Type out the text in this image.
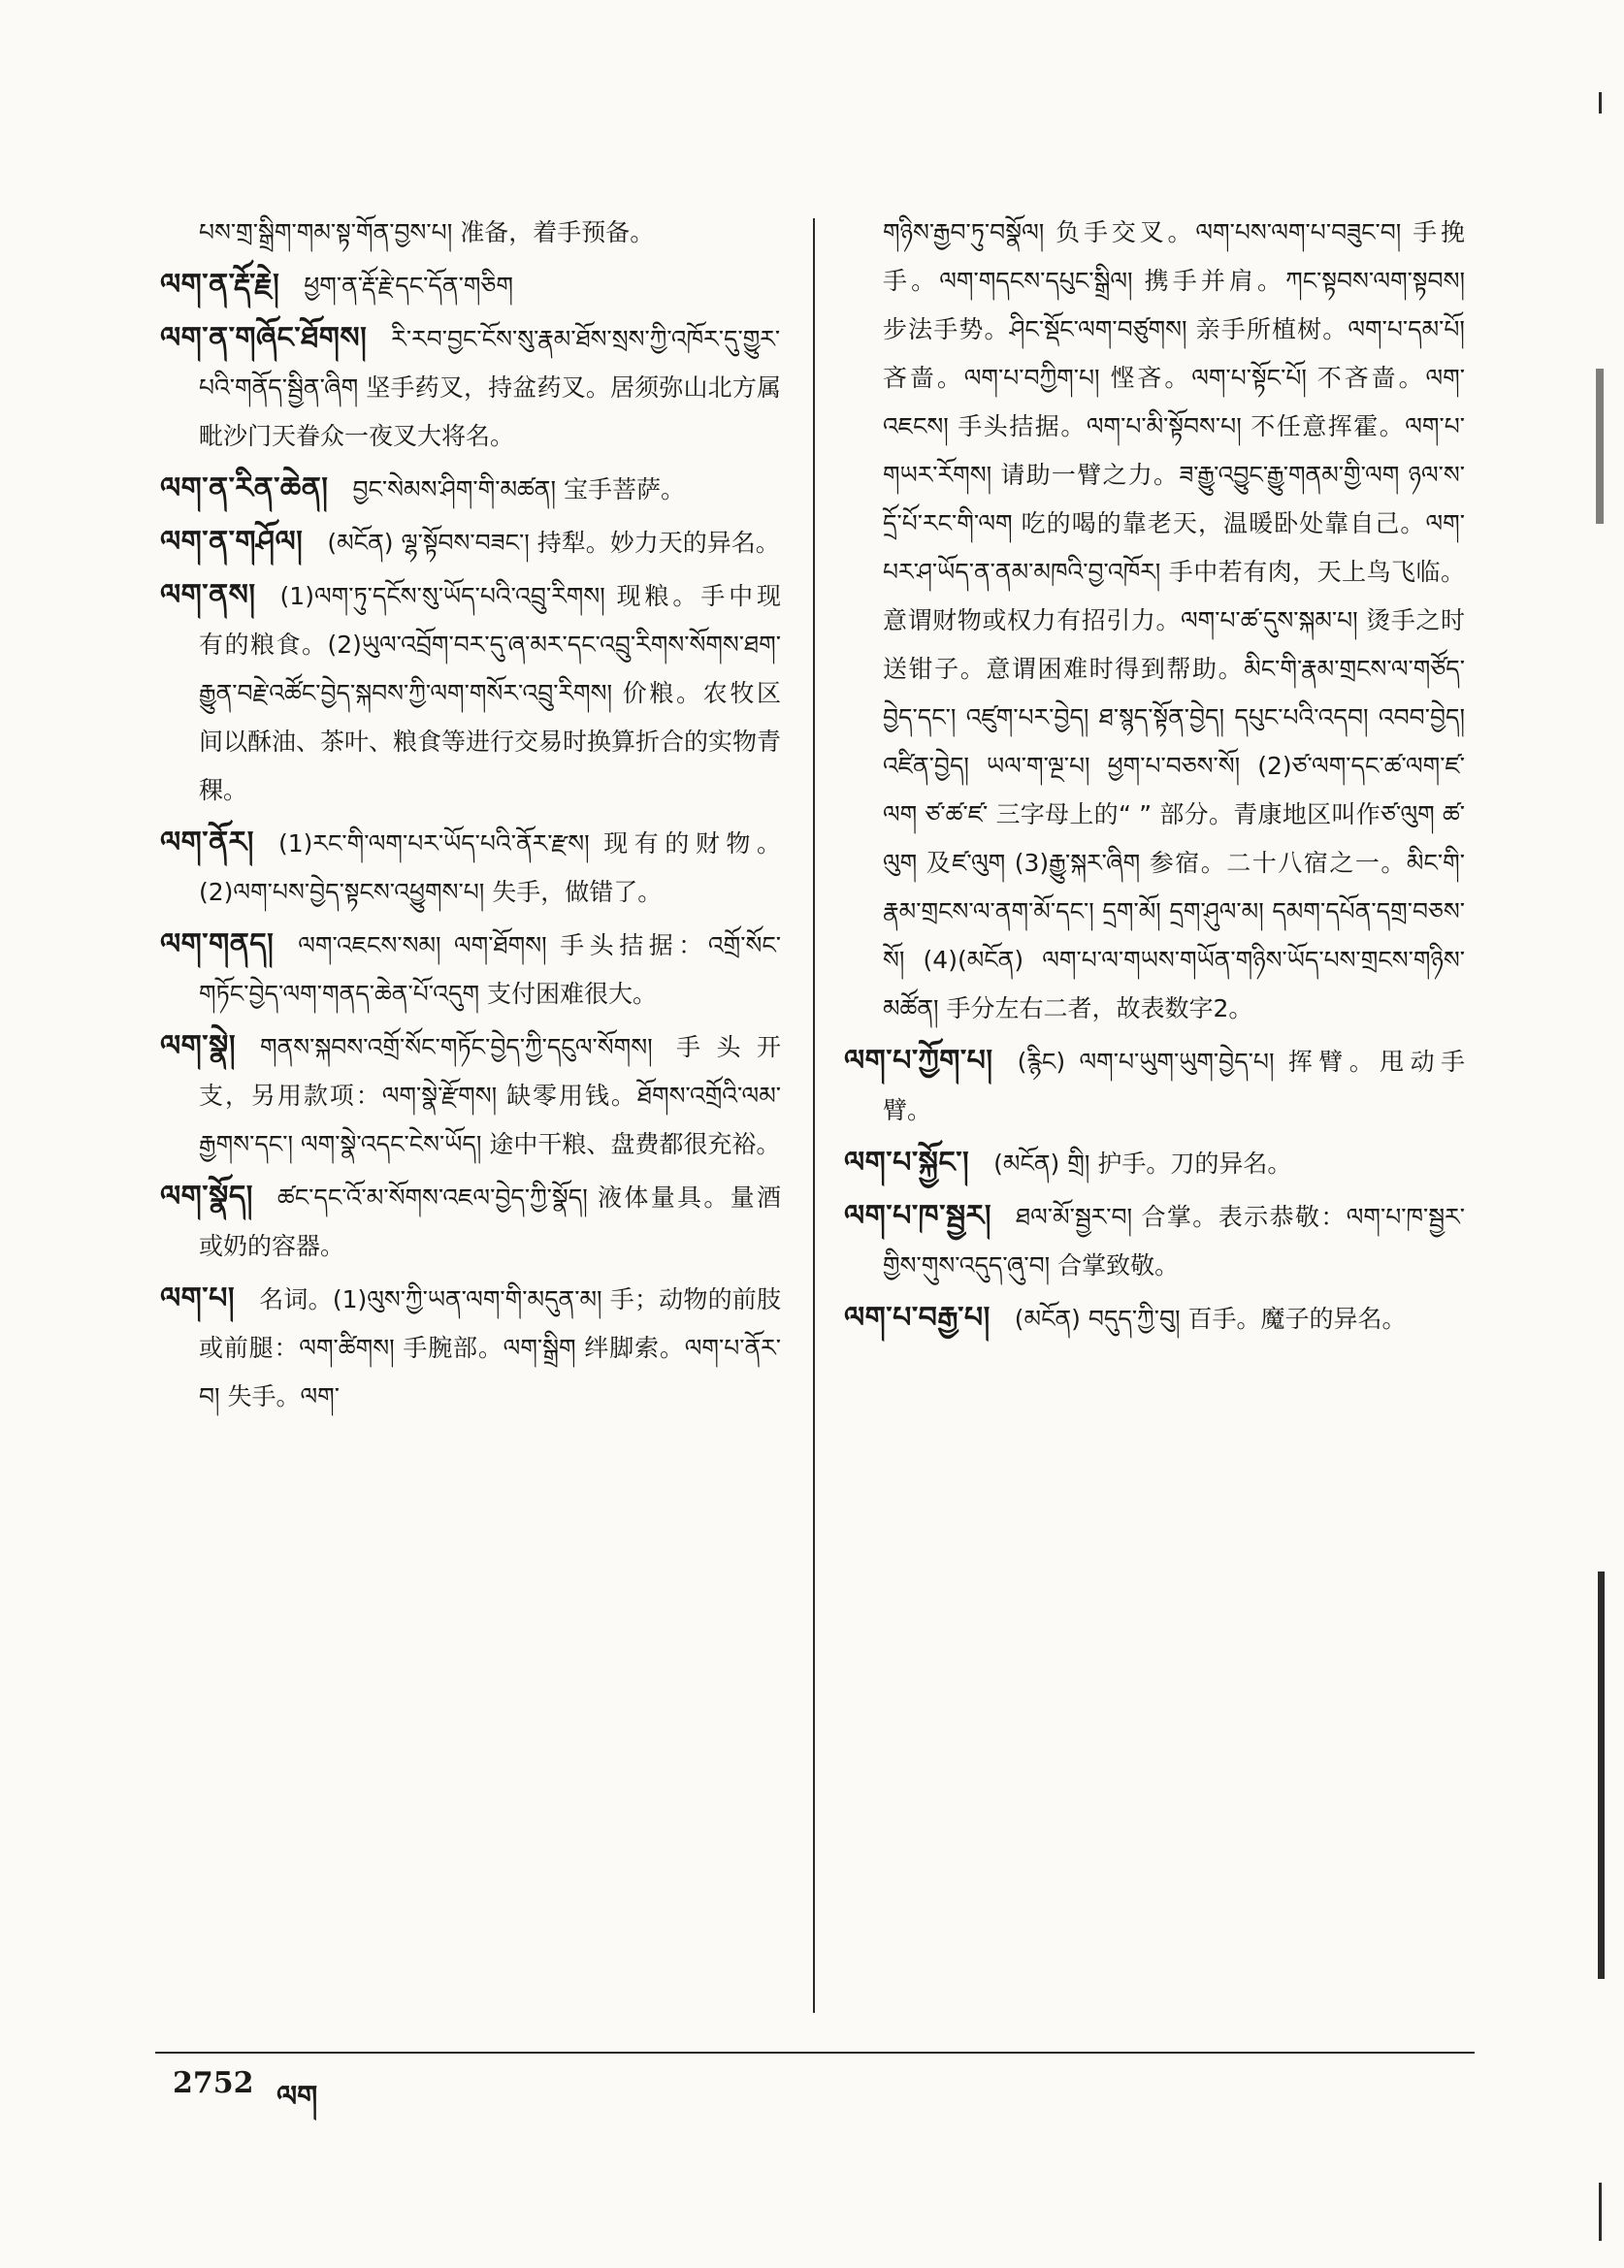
པས་གྲ་སྒྲིག་གམ་སྟ་གོན་བྱས་པ། 准备，着手预备。

ལག་ན་རྡོ་རྗེ།  ཕྱག་ན་རྡོ་རྗེ་དང་དོན་གཅིག

ལག་ན་གཞོང་ཐོགས།  རི་རབ་བྱང་ངོས་སུ་རྣམ་ཐོས་སྲས་ཀྱི་འཁོར་དུ་གྱུར་པའི་གནོད་སྦྱིན་ཞིག 坚手药叉，持盆药叉。居须弥山北方属毗沙门天眷众一夜叉大将名。

ལག་ན་རིན་ཆེན།  བྱང་སེམས་ཤིག་གི་མཚན། 宝手菩萨。

ལག་ན་གཤོལ།  (མངོན) ལྷ་སྟོབས་བཟང་། 持犁。妙力天的异名。

ལག་ནས།  (1)ལག་ཏུ་དངོས་སུ་ཡོད་པའི་འབྲུ་རིགས། 现粮。手中现有的粮食。(2)ཡུལ་འབྲོག་བར་དུ་ཞ་མར་དང་འབྲུ་རིགས་སོགས་ཐག་རྒྱུན་བརྗེ་འཚོང་བྱེད་སྐབས་ཀྱི་ལག་གསོར་འབྲུ་རིགས། 价粮。农牧区间以酥油、茶叶、粮食等进行交易时换算折合的实物青稞。

ལག་ནོར།  (1)རང་གི་ལག་པར་ཡོད་པའི་ནོར་རྫས། 现有的财物。(2)ལག་པས་བྱེད་སྟངས་འཕྱུགས་པ། 失手，做错了。

ལག་གནད།  ལག་འཇངས་སམ། ལག་ཐོགས། 手头拮据：འགྲོ་སོང་གཏོང་བྱེད་ལག་གནད་ཆེན་པོ་འདུག 支付困难很大。

ལག་སྣེ།  གནས་སྐབས་འགྲོ་སོང་གཏོང་བྱེད་ཀྱི་དངུལ་སོགས། 手头开支，另用款项：ལག་སྣེ་རྫོགས། 缺零用钱。ཐོགས་འགྲོའི་ལམ་རྒྱགས་དང་། ལག་སྣེ་འདང་ངེས་ཡོད། 途中干粮、盘费都很充裕。

ལག་སྣོད།  ཚང་དང་འོ་མ་སོགས་འཇལ་བྱེད་ཀྱི་སྣོད། 液体量具。量酒或奶的容器。

ལག་པ།  名词。(1)ལུས་ཀྱི་ཡན་ལག་གི་མདུན་མ། 手；动物的前肢或前腿：ལག་ཚིགས། 手腕部。ལག་སྒྲིག 绊脚索。ལག་པ་ནོར་བ། 失手。ལག་

གཉིས་རྒྱབ་ཏུ་བསྣོལ། 负手交叉。ལག་པས་ལག་པ་བཟུང་བ། 手挽手。ལག་གདངས་དཔུང་སྒྲིལ། 携手并肩。ཀང་སྟབས་ལག་སྟབས། 步法手势。ཤིང་སྡོང་ལག་བཙུགས། 亲手所植树。ལག་པ་དམ་པོ། 吝啬。ལག་པ་བཀྱིག་པ། 悭吝。ལག་པ་སྟོང་པོ། 不吝啬。ལག་འཇངས། 手头拮据。ལག་པ་མི་སྟོབས་པ། 不任意挥霍。ལག་པ་གཡར་རོགས། 请助一臂之力。ཟ་རྒྱུ་འབྱུང་རྒྱུ་གནམ་གྱི་ལག ཉལ་ས་དྲོ་པོ་རང་གི་ལག 吃的喝的靠老天，温暖卧处靠自己。ལག་པར་ཤ་ཡོད་ན་ནམ་མཁའི་བྱ་འཁོར། 手中若有肉，天上鸟飞临。意谓财物或权力有招引力。ལག་པ་ཚ་དུས་སྐམ་པ། 烫手之时送钳子。意谓困难时得到帮助。མིང་གི་རྣམ་གྲངས་ལ་གཙོད་བྱེད་དང་། འཛུག་པར་བྱེད། ཐ་སྙད་སྟོན་བྱེད། དཔུང་པའི་འདབ། འབབ་བྱེད། འཛིན་བྱེད། ཡལ་ག་ལྔ་པ། ཕྱག་པ་བཅས་སོ། (2)ཙ་ལག་དང་ཚ་ལག་ཛ་ལག ཙ་ཚ་ཛ་ 三字母上的“ ” 部分。青康地区叫作ཙ་ལུག ཚ་ལུག 及ཛ་ལུག (3)རྒྱུ་སྐར་ཞིག 参宿。二十八宿之一。མིང་གི་རྣམ་གྲངས་ལ་ནག་མོ་དང་། དྲག་མོ། དྲག་ཤུལ་མ། དམག་དཔོན་དགྲ་བཅས་སོ། (4)(མངོན) ལག་པ་ལ་གཡས་གཡོན་གཉིས་ཡོད་པས་གྲངས་གཉིས་མཚོན། 手分左右二者，故表数字2。

ལག་པ་ཀྱོག་པ།  (རྙིང) ལག་པ་ཡུག་ཡུག་བྱེད་པ། 挥臂。甩动手臂。

ལག་པ་སྐྱོང་།  (མངོན) གྲི། 护手。刀的异名。

ལག་པ་ཁ་སྦྱར།  ཐལ་མོ་སྦྱར་བ། 合掌。表示恭敬：ལག་པ་ཁ་སྦྱར་གྱིས་གུས་འདུད་ཞུ་བ། 合掌致敬。

ལག་པ་བརྒྱ་པ།  (མངོན) བདུད་ཀྱི་བུ། 百手。魔子的异名。

2752 ལག
